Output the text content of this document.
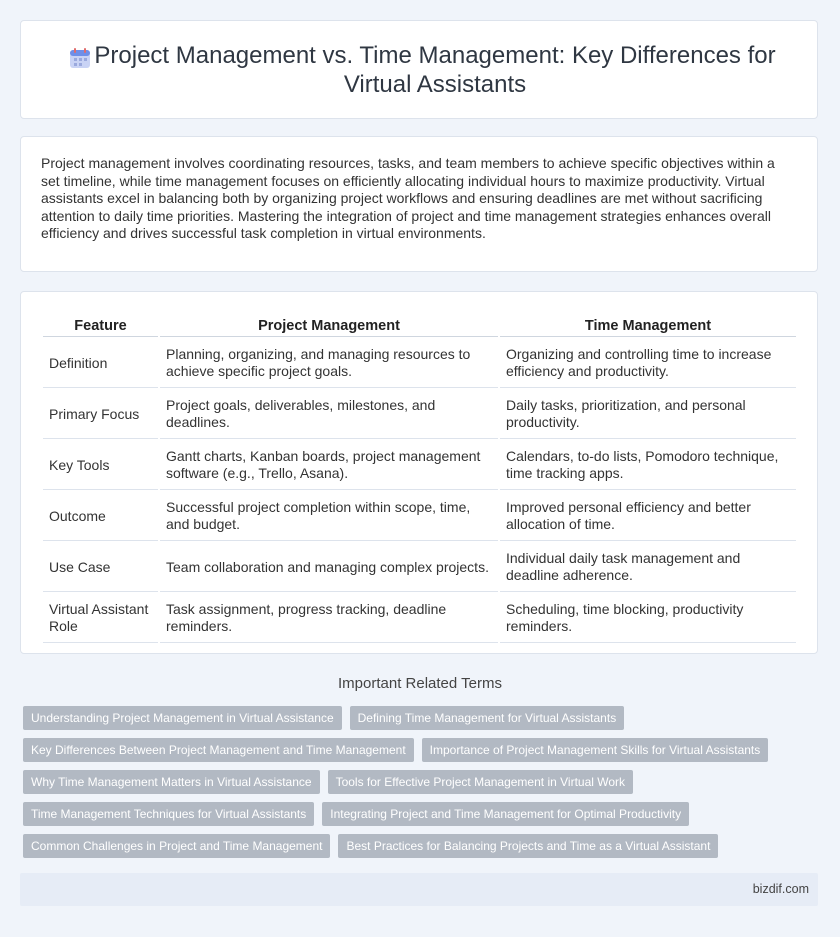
Project Management vs. Time Management: Key Differences for Virtual Assistants

Project management involves coordinating resources, tasks, and team members to achieve specific objectives within a set timeline, while time management focuses on efficiently allocating individual hours to maximize productivity. Virtual assistants excel in balancing both by organizing project workflows and ensuring deadlines are met without sacrificing attention to daily time priorities. Mastering the integration of project and time management strategies enhances overall efficiency and drives successful task completion in virtual environments.

Feature	Project Management	Time Management
Definition	Planning, organizing, and managing resources to achieve specific project goals.	Organizing and controlling time to increase efficiency and productivity.
Primary Focus	Project goals, deliverables, milestones, and deadlines.	Daily tasks, prioritization, and personal productivity.
Key Tools	Gantt charts, Kanban boards, project management software (e.g., Trello, Asana).	Calendars, to-do lists, Pomodoro technique, time tracking apps.
Outcome	Successful project completion within scope, time, and budget.	Improved personal efficiency and better allocation of time.
Use Case	Team collaboration and managing complex projects.	Individual daily task management and deadline adherence.
Virtual Assistant Role	Task assignment, progress tracking, deadline reminders.	Scheduling, time blocking, productivity reminders.
Important Related Terms
Understanding Project Management in Virtual Assistance	Defining Time Management for Virtual Assistants
Key Differences Between Project Management and Time Management	Importance of Project Management Skills for Virtual Assistants
Why Time Management Matters in Virtual Assistance	Tools for Effective Project Management in Virtual Work
Time Management Techniques for Virtual Assistants	Integrating Project and Time Management for Optimal Productivity
Common Challenges in Project and Time Management	Best Practices for Balancing Projects and Time as a Virtual Assistant
bizdif.com
